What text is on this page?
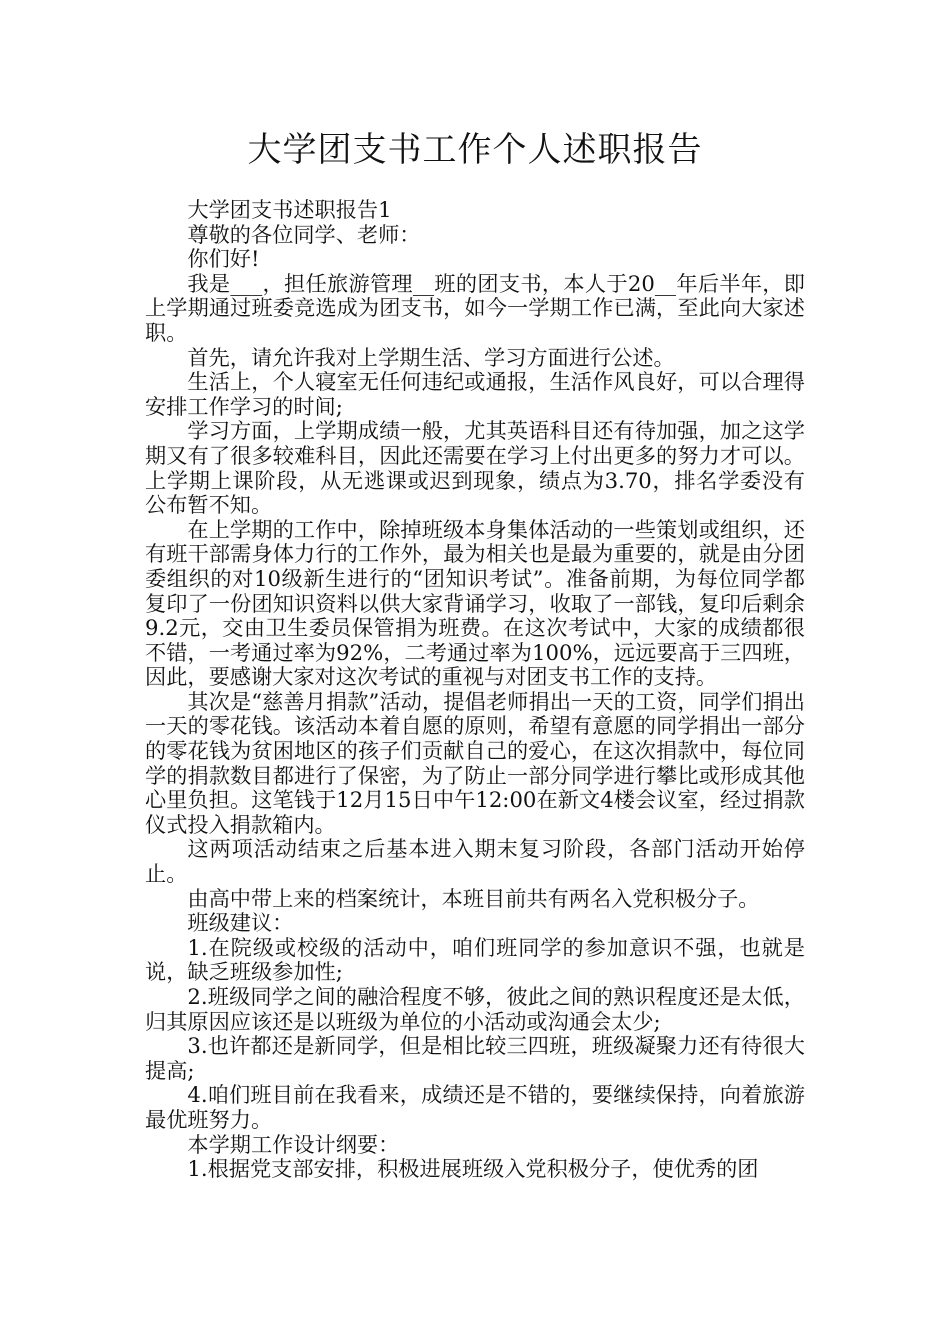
大学团支书工作个人述职报告

大学团支书述职报告1

尊敬的各位同学、老师：

你们好!

我是___，担任旅游管理__班的团支书，本人于20__年后半年，即上学期通过班委竞选成为团支书，如今一学期工作已满，至此向大家述职。

首先，请允许我对上学期生活、学习方面进行公述。

生活上，个人寝室无任何违纪或通报，生活作风良好，可以合理得安排工作学习的时间;

学习方面，上学期成绩一般，尤其英语科目还有待加强，加之这学期又有了很多较难科目，因此还需要在学习上付出更多的努力才可以。上学期上课阶段，从无逃课或迟到现象，绩点为3.70，排名学委没有公布暂不知。

在上学期的工作中，除掉班级本身集体活动的一些策划或组织，还有班干部需身体力行的工作外，最为相关也是最为重要的，就是由分团委组织的对10级新生进行的“团知识考试”。准备前期，为每位同学都复印了一份团知识资料以供大家背诵学习，收取了一部钱，复印后剩余9.2元，交由卫生委员保管捐为班费。在这次考试中，大家的成绩都很不错，一考通过率为92%，二考通过率为100%，远远要高于三四班，因此，要感谢大家对这次考试的重视与对团支书工作的支持。

其次是“慈善月捐款”活动，提倡老师捐出一天的工资，同学们捐出一天的零花钱。该活动本着自愿的原则，希望有意愿的同学捐出一部分的零花钱为贫困地区的孩子们贡献自己的爱心，在这次捐款中，每位同学的捐款数目都进行了保密，为了防止一部分同学进行攀比或形成其他心里负担。这笔钱于12月15日中午12:00在新文4楼会议室，经过捐款仪式投入捐款箱内。

这两项活动结束之后基本进入期末复习阶段，各部门活动开始停止。

由高中带上来的档案统计，本班目前共有两名入党积极分子。

班级建议：

1.在院级或校级的活动中，咱们班同学的参加意识不强，也就是说，缺乏班级参加性;

2.班级同学之间的融洽程度不够，彼此之间的熟识程度还是太低，归其原因应该还是以班级为单位的小活动或沟通会太少;

3.也许都还是新同学，但是相比较三四班，班级凝聚力还有待很大提高;

4.咱们班目前在我看来，成绩还是不错的，要继续保持，向着旅游最优班努力。

本学期工作设计纲要：

1.根据党支部安排，积极进展班级入党积极分子，使优秀的团
